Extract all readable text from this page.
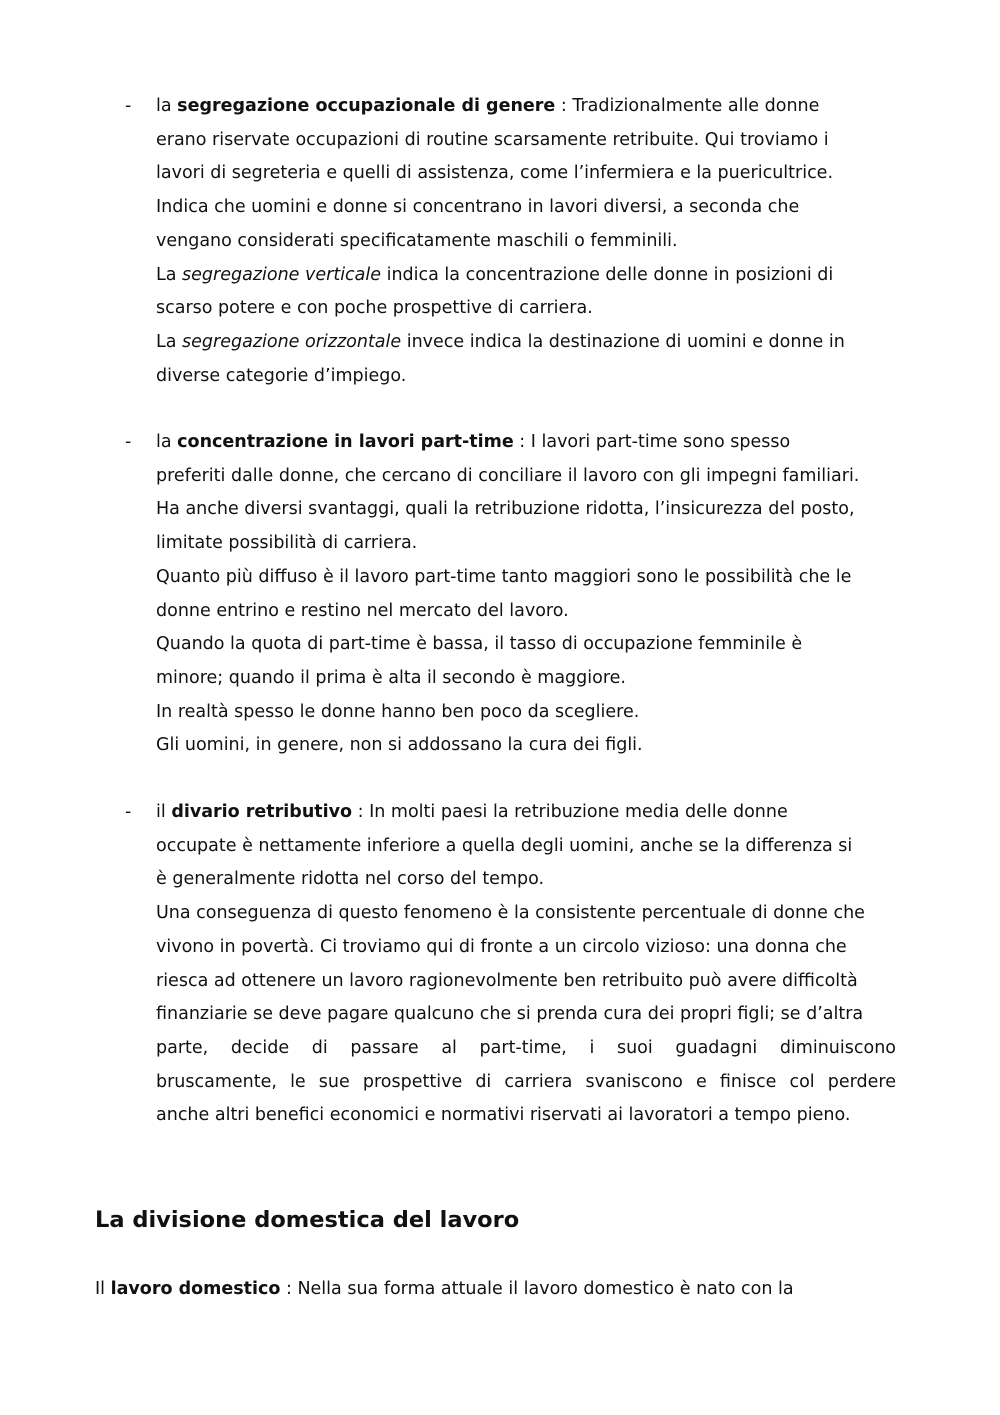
- la segregazione occupazionale di genere : Tradizionalmente alle donne
erano riservate occupazioni di routine scarsamente retribuite. Qui troviamo i
lavori di segreteria e quelli di assistenza, come l’infermiera e la puericultrice.
Indica che uomini e donne si concentrano in lavori diversi, a seconda che
vengano considerati specificatamente maschili o femminili.
La segregazione verticale indica la concentrazione delle donne in posizioni di
scarso potere e con poche prospettive di carriera.
La segregazione orizzontale invece indica la destinazione di uomini e donne in
diverse categorie d’impiego.

- la concentrazione in lavori part-time : I lavori part-time sono spesso
preferiti dalle donne, che cercano di conciliare il lavoro con gli impegni familiari.
Ha anche diversi svantaggi, quali la retribuzione ridotta, l’insicurezza del posto,
limitate possibilità di carriera.
Quanto più diffuso è il lavoro part-time tanto maggiori sono le possibilità che le
donne entrino e restino nel mercato del lavoro.
Quando la quota di part-time è bassa, il tasso di occupazione femminile è
minore; quando il prima è alta il secondo è maggiore.
In realtà spesso le donne hanno ben poco da scegliere.
Gli uomini, in genere, non si addossano la cura dei figli.

- il divario retributivo : In molti paesi la retribuzione media delle donne
occupate è nettamente inferiore a quella degli uomini, anche se la differenza si
è generalmente ridotta nel corso del tempo.
Una conseguenza di questo fenomeno è la consistente percentuale di donne che
vivono in povertà. Ci troviamo qui di fronte a un circolo vizioso: una donna che
riesca ad ottenere un lavoro ragionevolmente ben retribuito può avere difficoltà
finanziarie se deve pagare qualcuno che si prenda cura dei propri figli; se d’altra
parte, decide di passare al part-time, i suoi guadagni diminuiscono
bruscamente, le sue prospettive di carriera svaniscono e finisce col perdere
anche altri benefici economici e normativi riservati ai lavoratori a tempo pieno.

La divisione domestica del lavoro

Il lavoro domestico : Nella sua forma attuale il lavoro domestico è nato con la
